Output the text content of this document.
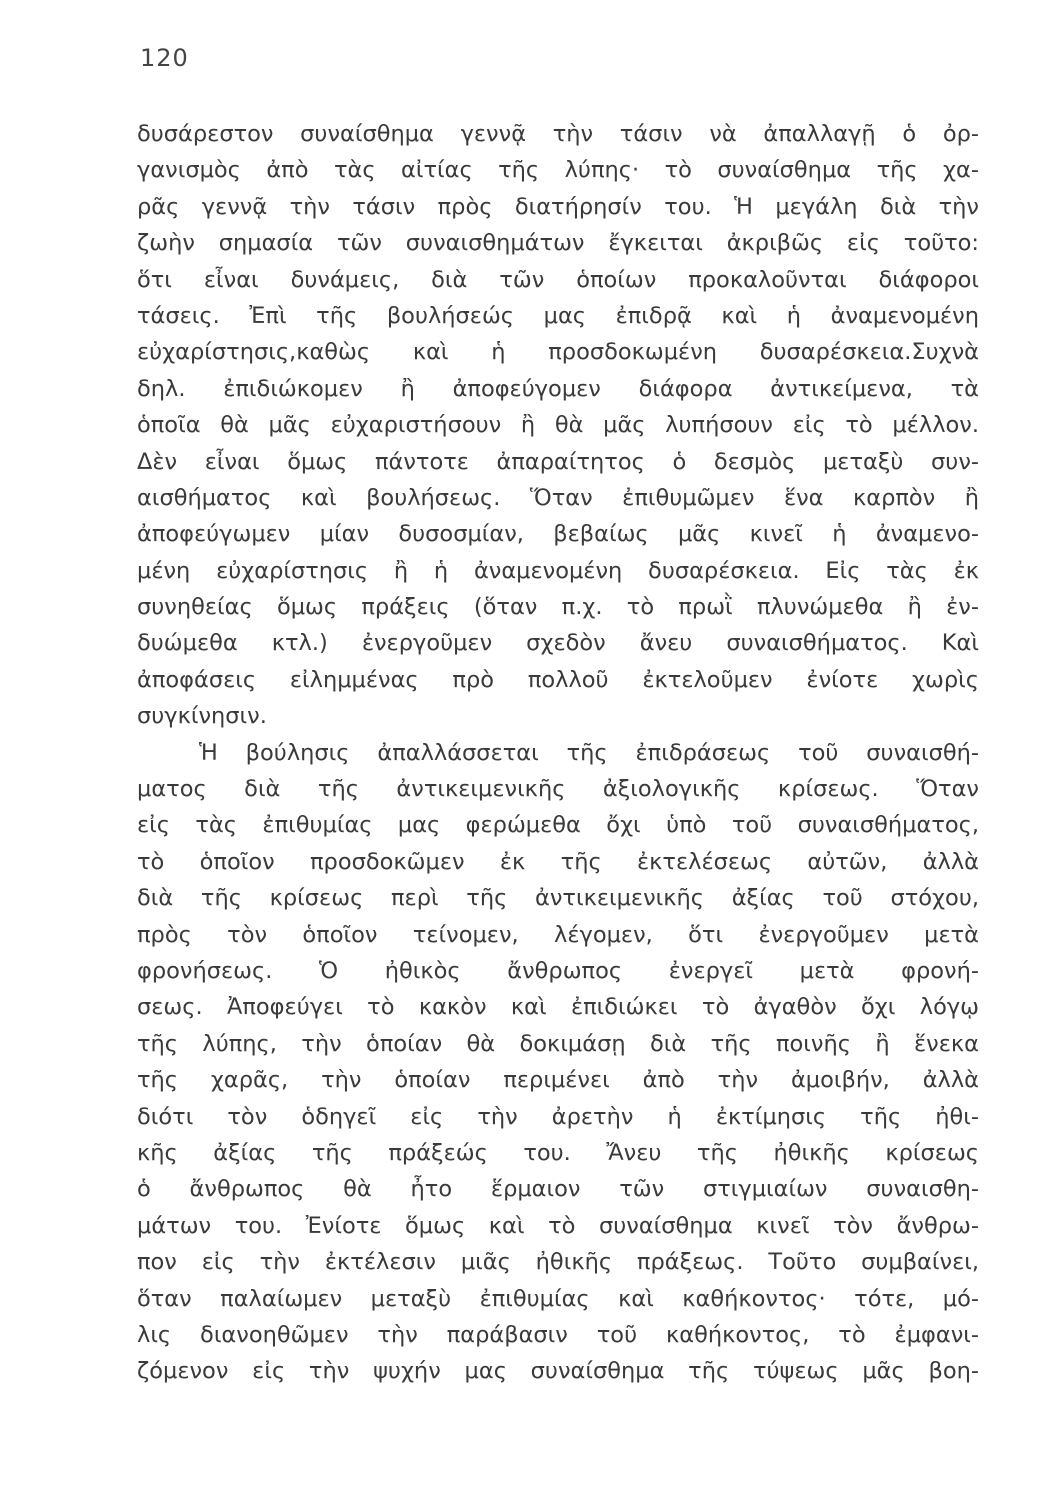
120
δυσάρεστον συναίσθημα γεννᾷ τὴν τάσιν νὰ ἀπαλλαγῇ ὁ ὀρ-
γανισμὸς ἀπὸ τὰς αἰτίας τῆς λύπης· τὸ συναίσθημα τῆς χα-
ρᾶς γεννᾷ τὴν τάσιν πρὸς διατήρησίν του. Ἡ μεγάλη διὰ τὴν
ζωὴν σημασία τῶν συναισθημάτων ἔγκειται ἀκριβῶς εἰς τοῦτο:
ὅτι εἶναι δυνάμεις, διὰ τῶν ὁποίων προκαλοῦνται διάφοροι
τάσεις. Ἐπὶ τῆς βουλήσεώς μας ἐπιδρᾷ καὶ ἡ ἀναμενομένη
εὐχαρίστησις,καθὼς καὶ ἡ προσδοκωμένη δυσαρέσκεια.Συχνὰ
δηλ. ἐπιδιώκομεν ἢ ἀποφεύγομεν διάφορα ἀντικείμενα, τὰ
ὁποῖα θὰ μᾶς εὐχαριστήσουν ἢ θὰ μᾶς λυπήσουν εἰς τὸ μέλλον.
Δὲν εἶναι ὅμως πάντοτε ἀπαραίτητος ὁ δεσμὸς μεταξὺ συν-
αισθήματος καὶ βουλήσεως. Ὅταν ἐπιθυμῶμεν ἕνα καρπὸν ἢ
ἀποφεύγωμεν μίαν δυσοσμίαν, βεβαίως μᾶς κινεῖ ἡ ἀναμενο-
μένη εὐχαρίστησις ἢ ἡ ἀναμενομένη δυσαρέσκεια. Εἰς τὰς ἐκ
συνηθείας ὅμως πράξεις (ὅταν π.χ. τὸ πρωῒ πλυνώμεθα ἢ ἐν-
δυώμεθα κτλ.) ἐνεργοῦμεν σχεδὸν ἄνευ συναισθήματος. Καὶ
ἀποφάσεις εἰλημμένας πρὸ πολλοῦ ἐκτελοῦμεν ἐνίοτε χωρὶς
συγκίνησιν.
Ἡ βούλησις ἀπαλλάσσεται τῆς ἐπιδράσεως τοῦ συναισθή-
ματος διὰ τῆς ἀντικειμενικῆς ἀξιολογικῆς κρίσεως. Ὅταν
εἰς τὰς ἐπιθυμίας μας φερώμεθα ὄχι ὑπὸ τοῦ συναισθήματος,
τὸ ὁποῖον προσδοκῶμεν ἐκ τῆς ἐκτελέσεως αὐτῶν, ἀλλὰ
διὰ τῆς κρίσεως περὶ τῆς ἀντικειμενικῆς ἀξίας τοῦ στόχου,
πρὸς τὸν ὁποῖον τείνομεν, λέγομεν, ὅτι ἐνεργοῦμεν μετὰ
φρονήσεως. Ὁ ἠθικὸς ἄνθρωπος ἐνεργεῖ μετὰ φρονή-
σεως. Ἀποφεύγει τὸ κακὸν καὶ ἐπιδιώκει τὸ ἀγαθὸν ὄχι λόγῳ
τῆς λύπης, τὴν ὁποίαν θὰ δοκιμάσῃ διὰ τῆς ποινῆς ἢ ἕνεκα
τῆς χαρᾶς, τὴν ὁποίαν περιμένει ἀπὸ τὴν ἀμοιβήν, ἀλλὰ
διότι τὸν ὁδηγεῖ εἰς τὴν ἀρετὴν ἡ ἐκτίμησις τῆς ἠθι-
κῆς ἀξίας τῆς πράξεώς του. Ἄνευ τῆς ἠθικῆς κρίσεως
ὁ ἄνθρωπος θὰ ἦτο ἕρμαιον τῶν στιγμιαίων συναισθη-
μάτων του. Ἐνίοτε ὅμως καὶ τὸ συναίσθημα κινεῖ τὸν ἄνθρω-
πον εἰς τὴν ἐκτέλεσιν μιᾶς ἠθικῆς πράξεως. Τοῦτο συμβαίνει,
ὅταν παλαίωμεν μεταξὺ ἐπιθυμίας καὶ καθήκοντος· τότε, μό-
λις διανοηθῶμεν τὴν παράβασιν τοῦ καθήκοντος, τὸ ἐμφανι-
ζόμενον εἰς τὴν ψυχήν μας συναίσθημα τῆς τύψεως μᾶς βοη-
